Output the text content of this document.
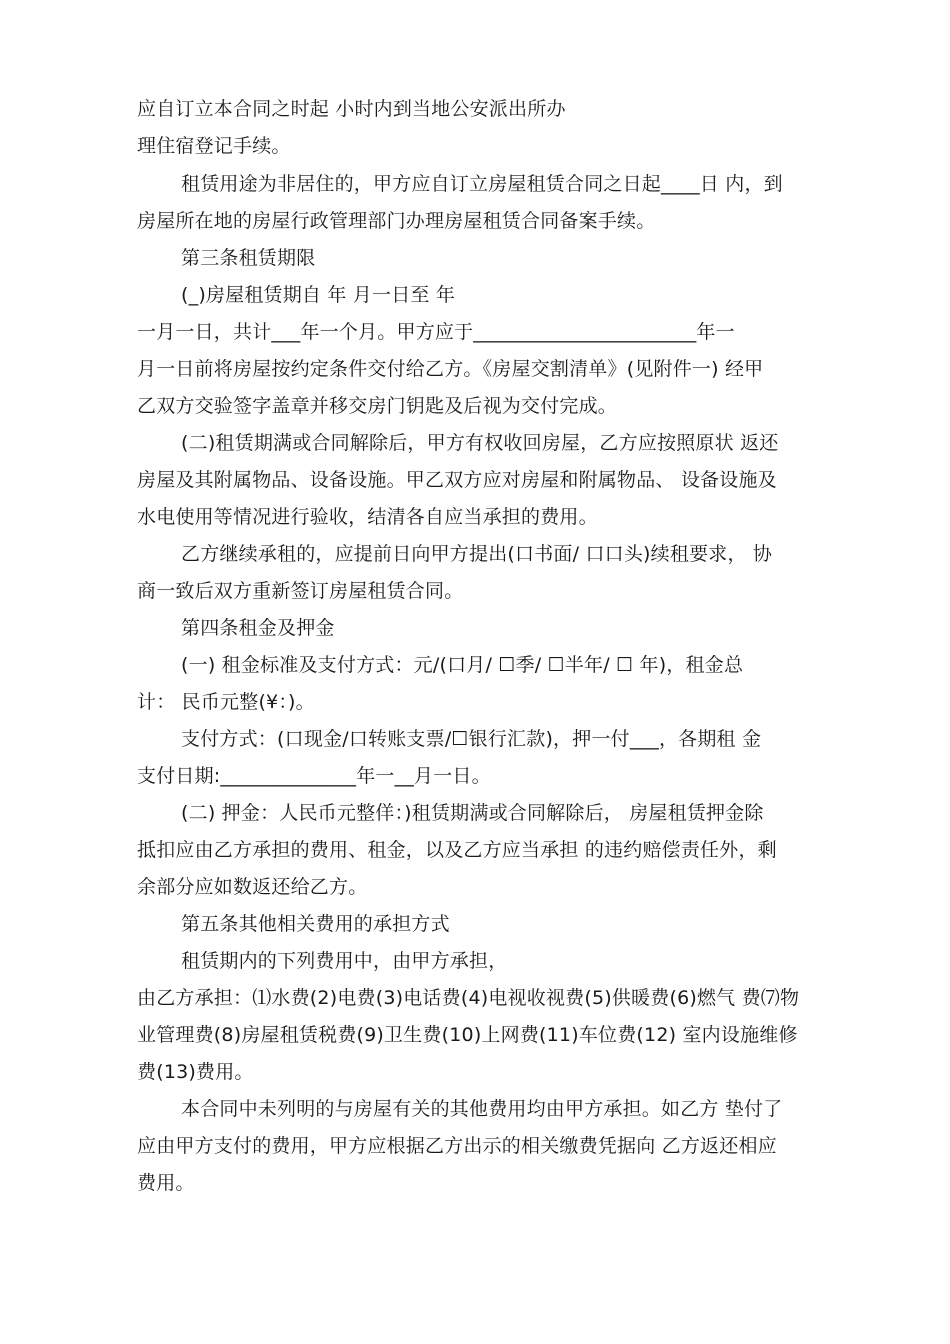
应自订立本合同之时起 小时内到当地公安派出所办
理住宿登记手续。
租赁用途为非居住的，甲方应自订立房屋租赁合同之日起____日 内，到
房屋所在地的房屋行政管理部门办理房屋租赁合同备案手续。
第三条租赁期限
(_)房屋租赁期自 年 月一日至 年
一月一日，共计___年一个月。甲方应于_______________________年一
月一日前将房屋按约定条件交付给乙方。《房屋交割清单》(见附件一) 经甲
乙双方交验签字盖章并移交房门钥匙及后视为交付完成。
(二)租赁期满或合同解除后，甲方有权收回房屋，乙方应按照原状 返还
房屋及其附属物品、设备设施。甲乙双方应对房屋和附属物品、 设备设施及
水电使用等情况进行验收，结清各自应当承担的费用。
乙方继续承租的，应提前日向甲方提出(口书面/ 口口头)续租要求， 协
商一致后双方重新签订房屋租赁合同。
第四条租金及押金
(一) 租金标准及支付方式：元/(口月/ ☐季/ ☐半年/ ☐ 年)，租金总
计： 民币元整(¥：)。
支付方式：(口现金/口转账支票/☐银行汇款)，押一付___，各期租 金
支付日期:______________年一__月一日。
(二) 押金：人民币元整佯：)租赁期满或合同解除后， 房屋租赁押金除
抵扣应由乙方承担的费用、租金，以及乙方应当承担 的违约赔偿责任外，剩
余部分应如数返还给乙方。
第五条其他相关费用的承担方式
租赁期内的下列费用中，由甲方承担，
由乙方承担：⑴水费(2)电费(3)电话费(4)电视收视费(5)供暖费(6)燃气 费⑺物
业管理费(8)房屋租赁税费(9)卫生费(10)上网费(11)车位费(12) 室内设施维修
费(13)费用。
本合同中未列明的与房屋有关的其他费用均由甲方承担。如乙方 垫付了
应由甲方支付的费用，甲方应根据乙方出示的相关缴费凭据向 乙方返还相应
费用。
